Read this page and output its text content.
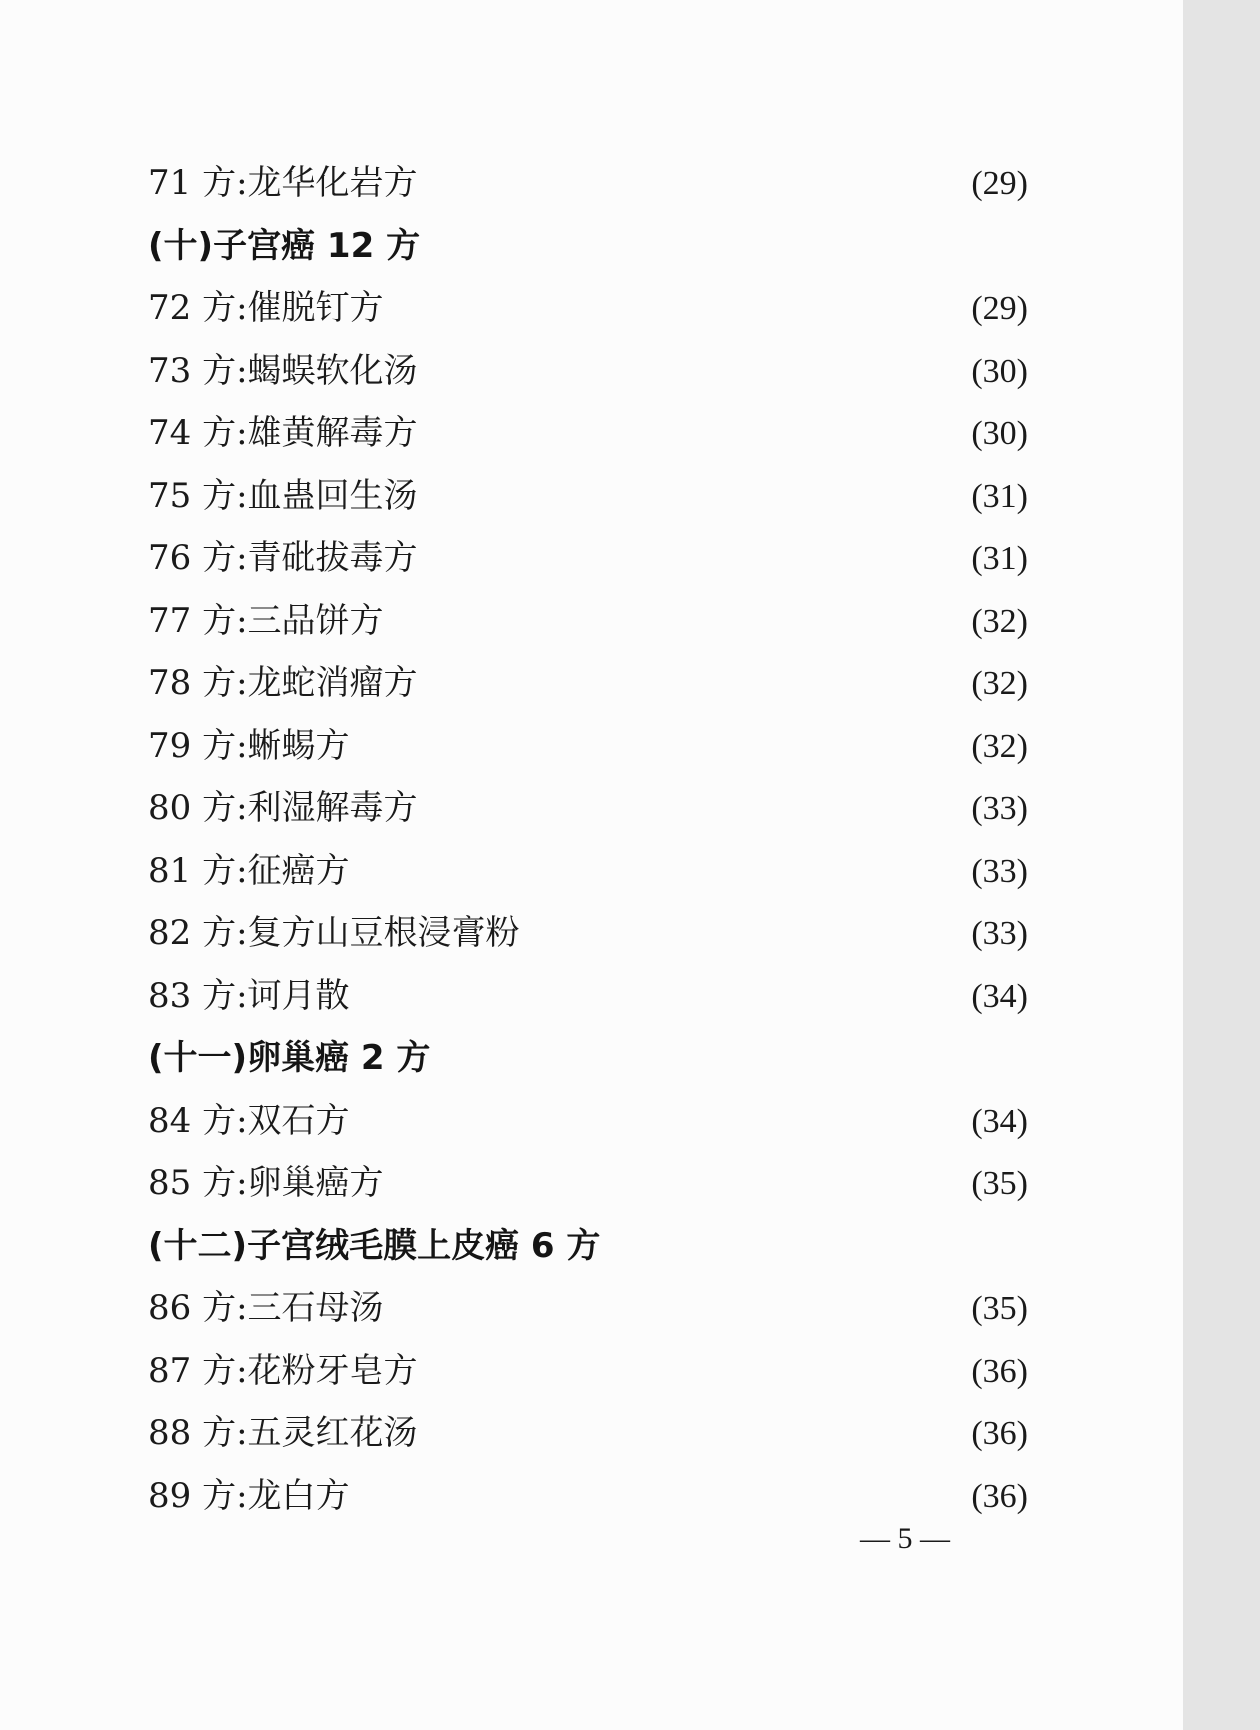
71 方:龙华化岩方 ·····	(29)
(十)子宫癌 12 方
72 方:催脱钉方 ·····	(29)
73 方:蝎蜈软化汤 ·····	(30)
74 方:雄黄解毒方 ·····	(30)
75 方:血蛊回生汤 ·····	(31)
76 方:青砒拔毒方 ·····	(31)
77 方:三品饼方 ·····	(32)
78 方:龙蛇消瘤方 ·····	(32)
79 方:蜥蜴方 ·····	(32)
80 方:利湿解毒方 ·····	(33)
81 方:征癌方 ·····	(33)
82 方:复方山豆根浸膏粉 ·····	(33)
83 方:诃月散 ·····	(34)
(十一)卵巢癌 2 方
84 方:双石方 ·····	(34)
85 方:卵巢癌方 ·····	(35)
(十二)子宫绒毛膜上皮癌 6 方
86 方:三石母汤 ·····	(35)
87 方:花粉牙皂方 ·····	(36)
88 方:五灵红花汤 ·····	(36)
89 方:龙白方 ·····	(36)
— 5 —
